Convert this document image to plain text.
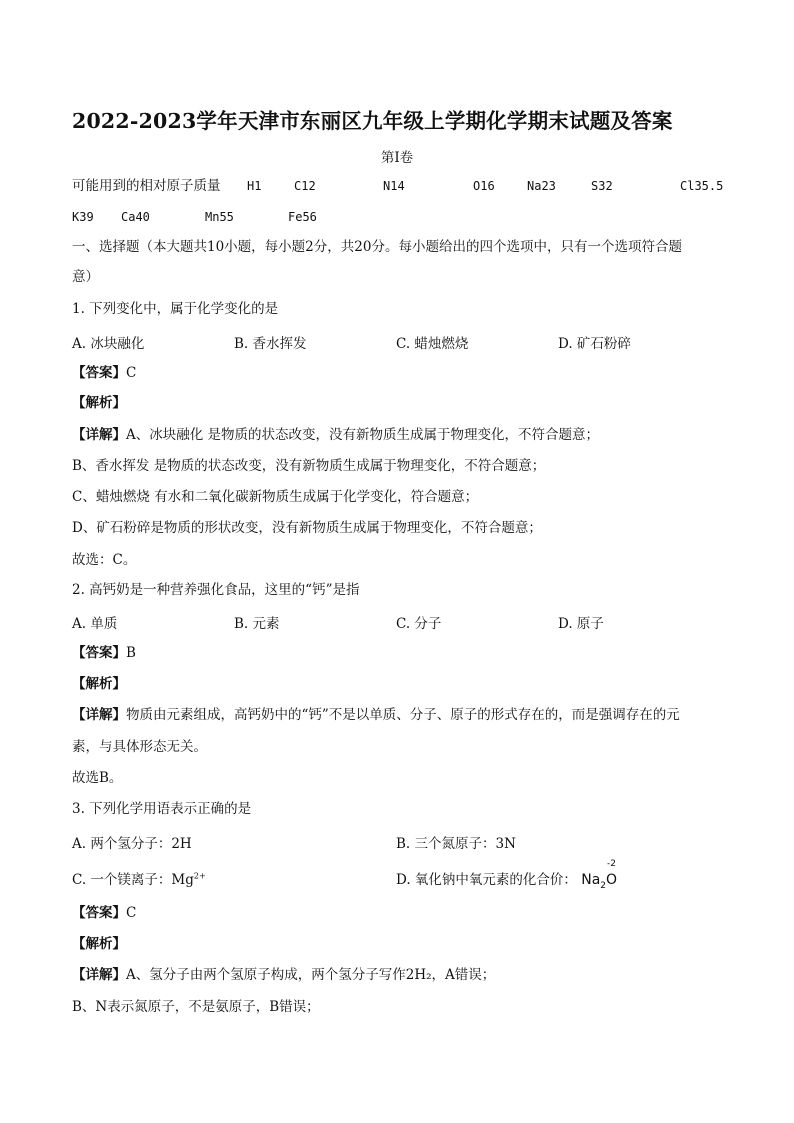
2022-2023学年天津市东丽区九年级上学期化学期末试题及答案
第Ⅰ卷
可能用到的相对原子质量 H1	C12	N14	O16	Na23	S32	Cl35.5
K39 Ca40	Mn55	Fe56
一、选择题（本大题共10小题，每小题2分，共20分。每小题给出的四个选项中，只有一个选项符合题
意）
1. 下列变化中，属于化学变化的是
A. 冰块融化	B. 香水挥发	C. 蜡烛燃烧	D. 矿石粉碎
【答案】C
【解析】
【详解】A、冰块融化 是物质的状态改变，没有新物质生成属于物理变化，不符合题意；
B、香水挥发 是物质的状态改变，没有新物质生成属于物理变化，不符合题意；
C、蜡烛燃烧 有水和二氧化碳新物质生成属于化学变化，符合题意；
D、矿石粉碎是物质的形状改变，没有新物质生成属于物理变化，不符合题意；
故选：C。
2. 高钙奶是一种营养强化食品，这里的“钙”是指
A. 单质	B. 元素	C. 分子	D. 原子
【答案】B
【解析】
【详解】物质由元素组成，高钙奶中的“钙”不是以单质、分子、原子的形式存在的，而是强调存在的元
素，与具体形态无关。
故选B。
3. 下列化学用语表示正确的是
A. 两个氢分子：2H	B. 三个氮原子：3N
C. 一个镁离子：$Mg^{2+}$	D. 氧化钠中氧元素的化合价： $Na_2$
-2
O
【答案】C
【解析】
【详解】A、氢分子由两个氢原子构成，两个氢分子写作2H₂，A错误；
B、N表示氮原子，不是氨原子，B错误；
